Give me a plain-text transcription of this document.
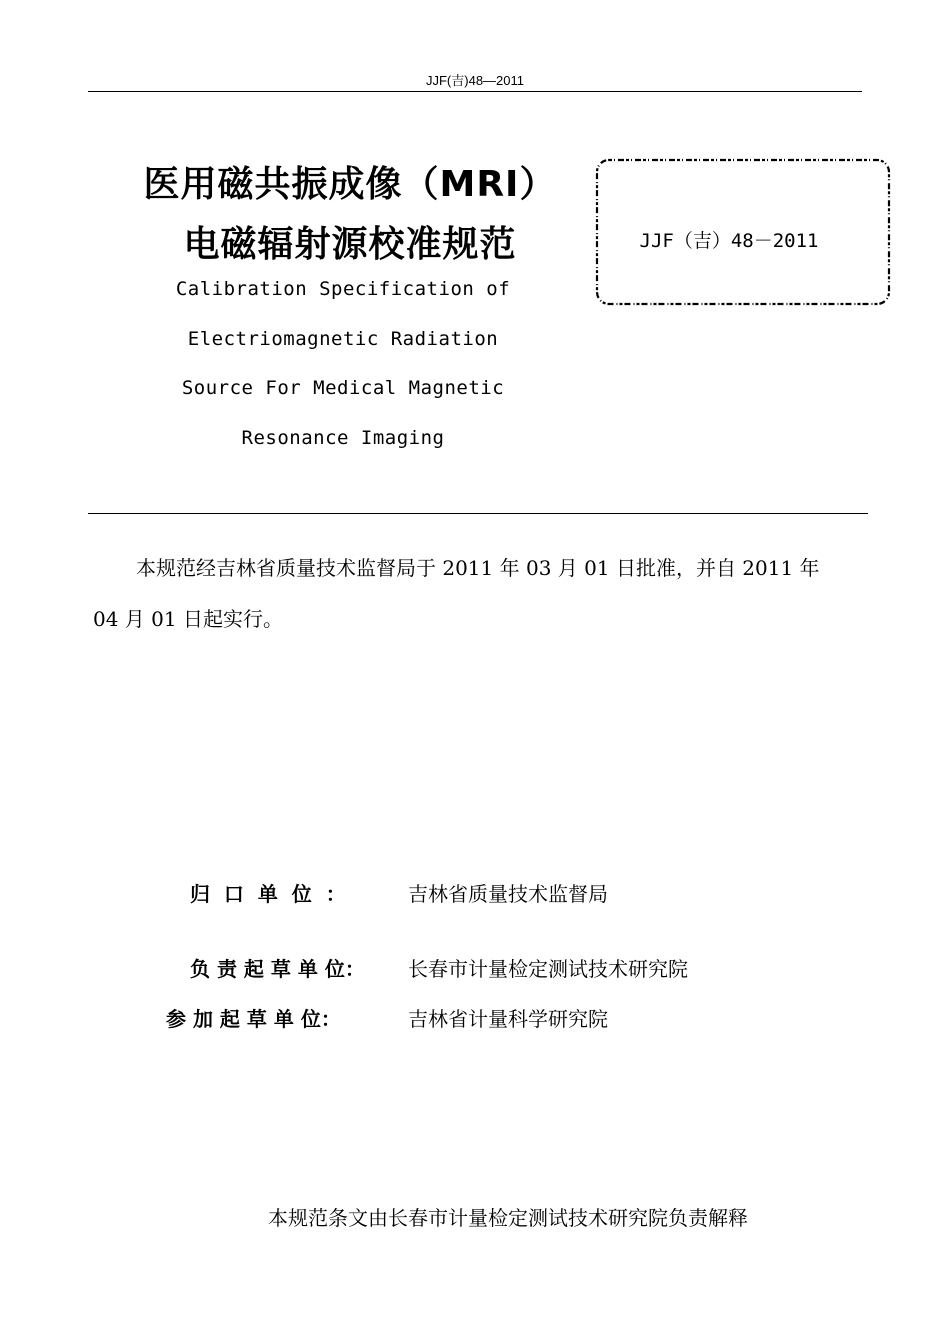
JJF(吉)48—2011
医用磁共振成像（MRI）
电磁辐射源校准规范
Calibration Specification of
Electriomagnetic Radiation
Source For Medical Magnetic
Resonance Imaging
JJF（吉）48－2011
本规范经吉林省质量技术监督局于 2011 年 03 月 01 日批准，并自 2011 年
04 月 01 日起实行。
归  口  单  位  ：	吉林省质量技术监督局
负 责 起 草 单 位： 长春市计量检定测试技术研究院
参 加 起 草 单 位：	吉林省计量科学研究院
本规范条文由长春市计量检定测试技术研究院负责解释
